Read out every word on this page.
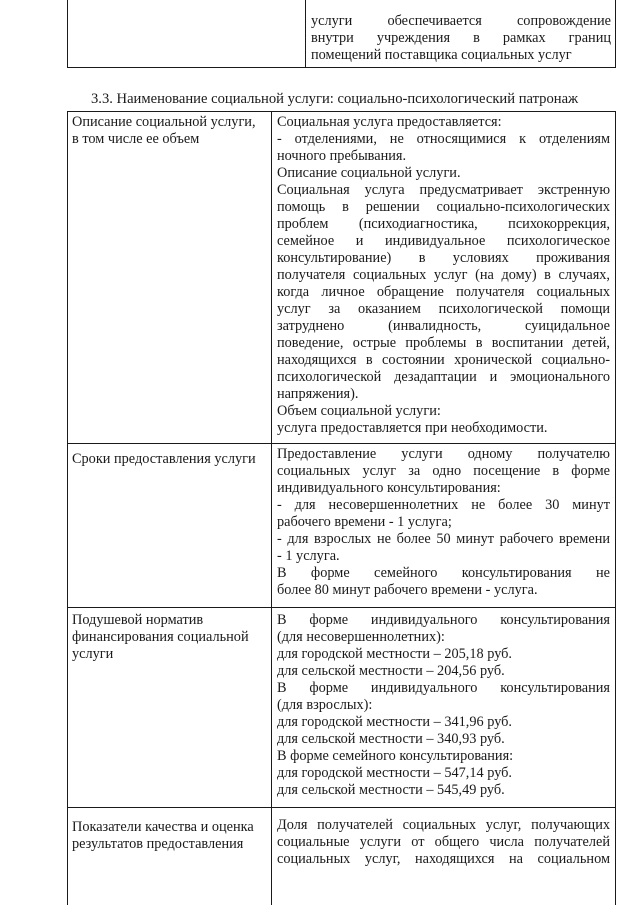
услуги обеспечивается сопровождение
внутри учреждения в рамках границ
помещений поставщика социальных услуг
3.3. Наименование социальной услуги: социально-психологический патронаж
Описание социальной услуги,
в том числе ее объем
Социальная услуга предоставляется:
- отделениями, не относящимися к отделениям
ночного пребывания.
Описание социальной услуги.
Социальная услуга предусматривает экстренную
помощь в решении социально-психологических
проблем (психодиагностика, психокоррекция,
семейное и индивидуальное психологическое
консультирование) в условиях проживания
получателя социальных услуг (на дому) в случаях,
когда личное обращение получателя социальных
услуг за оказанием психологической помощи
затруднено (инвалидность, суицидальное
поведение, острые проблемы в воспитании детей,
находящихся в состоянии хронической социально-
психологической дезадаптации и эмоционального
напряжения).
Объем социальной услуги:
услуга предоставляется при необходимости.
Сроки предоставления услуги Предоставление услуги одному получателю
социальных услуг за одно посещение в форме
индивидуального консультирования:
- для несовершеннолетних не более 30 минут
рабочего времени - 1 услуга;
- для взрослых не более 50 минут рабочего времени
- 1 услуга.
В форме семейного консультирования не
более 80 минут рабочего времени - услуга.
Подушевой норматив
финансирования социальной
услуги
В форме индивидуального консультирования
(для несовершеннолетних):
для городской местности – 205,18 руб.
для сельской местности – 204,56 руб.
В форме индивидуального консультирования
(для взрослых):
для городской местности – 341,96 руб.
для сельской местности – 340,93 руб.
В форме семейного консультирования:
для городской местности – 547,14 руб.
для сельской местности – 545,49 руб.
Показатели качества и оценка
результатов предоставления
Доля получателей социальных услуг, получающих
социальные услуги от общего числа получателей
социальных услуг, находящихся на социальном
